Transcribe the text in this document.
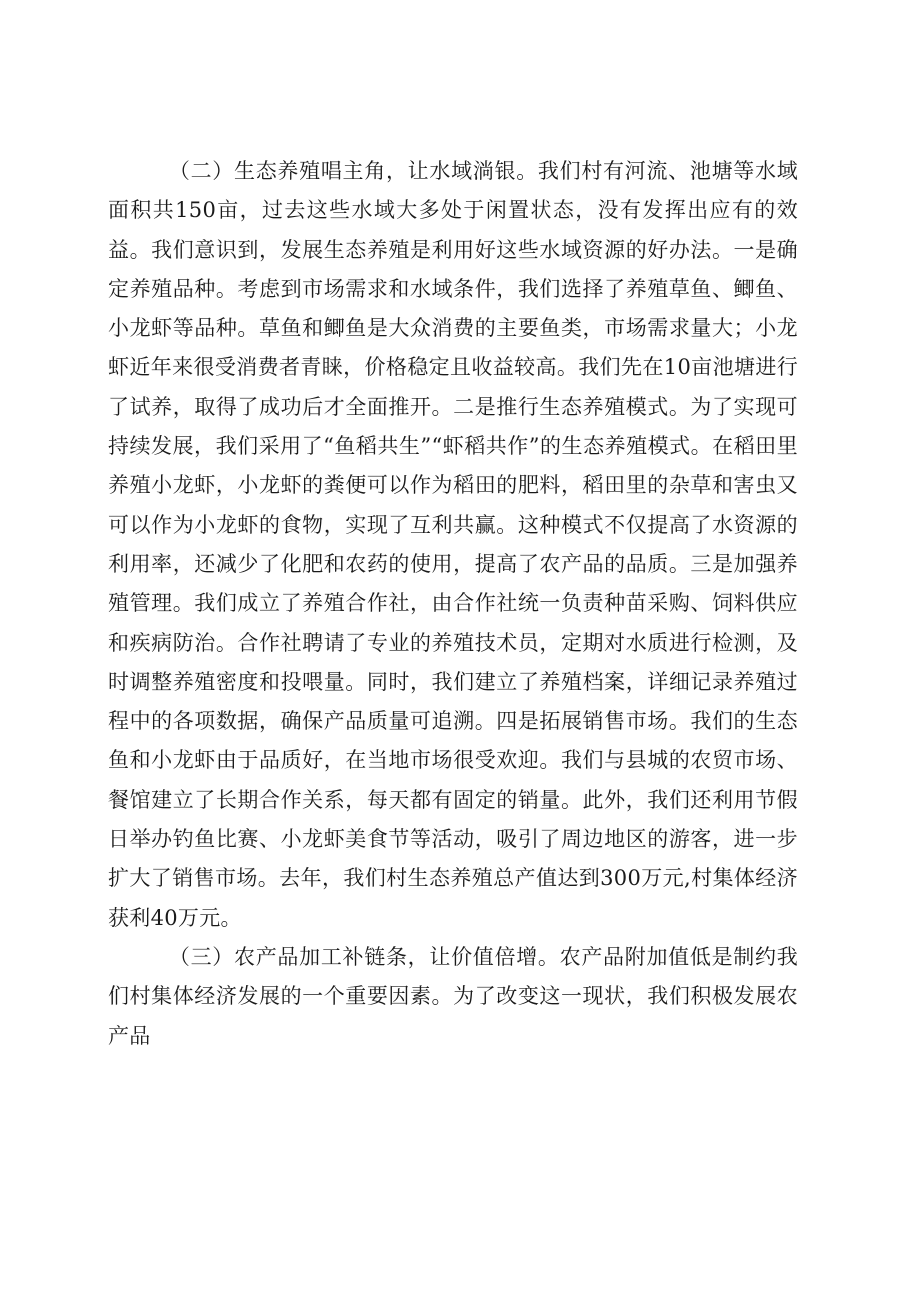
（二）生态养殖唱主角，让水域淌银。我们村有河流、池塘等水域面积共150亩，过去这些水域大多处于闲置状态，没有发挥出应有的效益。我们意识到，发展生态养殖是利用好这些水域资源的好办法。一是确定养殖品种。考虑到市场需求和水域条件，我们选择了养殖草鱼、鲫鱼、小龙虾等品种。草鱼和鲫鱼是大众消费的主要鱼类，市场需求量大；小龙虾近年来很受消费者青睐，价格稳定且收益较高。我们先在10亩池塘进行了试养，取得了成功后才全面推开。二是推行生态养殖模式。为了实现可持续发展，我们采用了“鱼稻共生”“虾稻共作”的生态养殖模式。在稻田里养殖小龙虾，小龙虾的粪便可以作为稻田的肥料，稻田里的杂草和害虫又可以作为小龙虾的食物，实现了互利共赢。这种模式不仅提高了水资源的利用率，还减少了化肥和农药的使用，提高了农产品的品质。三是加强养殖管理。我们成立了养殖合作社，由合作社统一负责种苗采购、饲料供应和疾病防治。合作社聘请了专业的养殖技术员，定期对水质进行检测，及时调整养殖密度和投喂量。同时，我们建立了养殖档案，详细记录养殖过程中的各项数据，确保产品质量可追溯。四是拓展销售市场。我们的生态鱼和小龙虾由于品质好，在当地市场很受欢迎。我们与县城的农贸市场、餐馆建立了长期合作关系，每天都有固定的销量。此外，我们还利用节假日举办钓鱼比赛、小龙虾美食节等活动，吸引了周边地区的游客，进一步扩大了销售市场。去年，我们村生态养殖总产值达到300万元,村集体经济获利40万元。

（三）农产品加工补链条，让价值倍增。农产品附加值低是制约我们村集体经济发展的一个重要因素。为了改变这一现状，我们积极发展农产品
